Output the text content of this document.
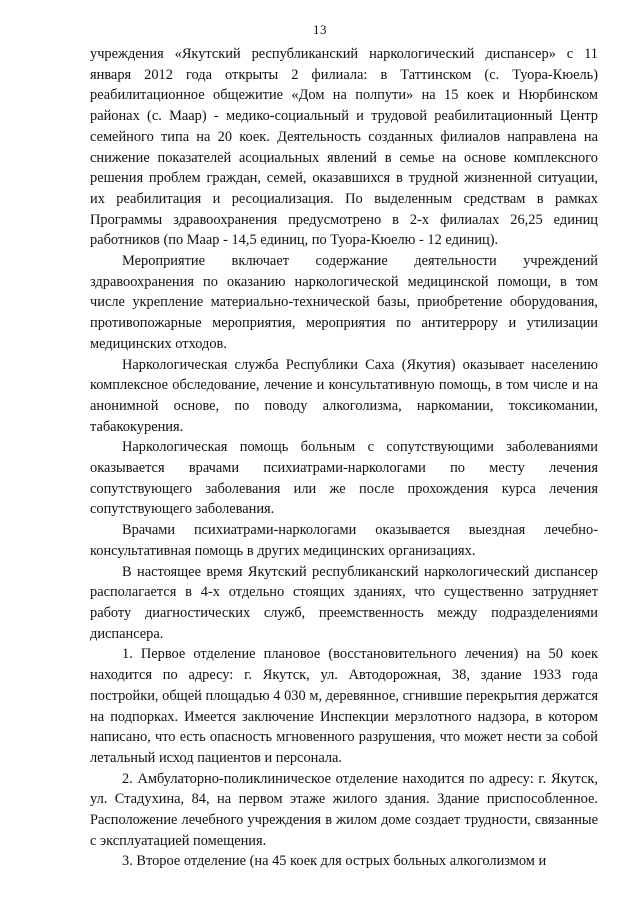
13

учреждения «Якутский республиканский наркологический диспансер» с 11 января 2012 года открыты 2 филиала: в Таттинском (с. Туора-Кюель) реабилитационное общежитие «Дом на полпути» на 15 коек и Нюрбинском районах (с. Маар) - медико-социальный и трудовой реабилитационный Центр семейного типа на 20 коек. Деятельность созданных филиалов направлена на снижение показателей асоциальных явлений в семье на основе комплексного решения проблем граждан, семей, оказавшихся в трудной жизненной ситуации, их реабилитация и ресоциализация. По выделенным средствам в рамках Программы здравоохранения предусмотрено в 2-х филиалах 26,25 единиц работников (по Маар - 14,5 единиц, по Туора-Кюелю - 12 единиц).

Мероприятие включает содержание деятельности учреждений здравоохранения по оказанию наркологической медицинской помощи, в том числе укрепление материально-технической базы, приобретение оборудования, противопожарные мероприятия, мероприятия по антитеррору и утилизации медицинских отходов.

Наркологическая служба Республики Саха (Якутия) оказывает населению комплексное обследование, лечение и консультативную помощь, в том числе и на анонимной основе, по поводу алкоголизма, наркомании, токсикомании, табакокурения.

Наркологическая помощь больным с сопутствующими заболеваниями оказывается врачами психиатрами-наркологами по месту лечения сопутствующего заболевания или же после прохождения курса лечения сопутствующего заболевания.

Врачами психиатрами-наркологами оказывается выездная лечебно-консультативная помощь в других медицинских организациях.

В настоящее время Якутский республиканский наркологический диспансер располагается в 4-х отдельно стоящих зданиях, что существенно затрудняет работу диагностических служб, преемственность между подразделениями диспансера.

1. Первое отделение плановое (восстановительного лечения) на 50 коек находится по адресу: г. Якутск, ул. Автодорожная, 38, здание 1933 года постройки, общей площадью 4 030 м, деревянное, сгнившие перекрытия держатся на подпорках. Имеется заключение Инспекции мерзлотного надзора, в котором написано, что есть опасность мгновенного разрушения, что может нести за собой летальный исход пациентов и персонала.

2. Амбулаторно-поликлиническое отделение находится по адресу: г. Якутск, ул. Стадухина, 84, на первом этаже жилого здания. Здание приспособленное. Расположение лечебного учреждения в жилом доме создает трудности, связанные с эксплуатацией помещения.

3. Второе отделение (на 45 коек для острых больных алкоголизмом и
